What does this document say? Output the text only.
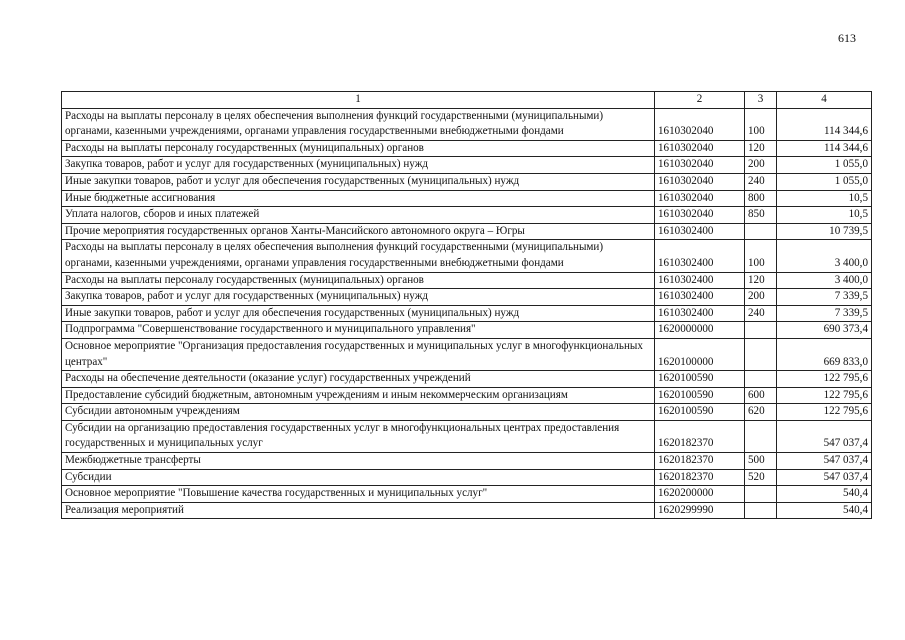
613
1	2	3	4
Расходы на выплаты персоналу в целях обеспечения выполнения функций государственными (муниципальными) органами, казенными учреждениями, органами управления государственными внебюджетными фондами	1610302040	100	114 344,6
Расходы на выплаты персоналу государственных (муниципальных) органов	1610302040	120	114 344,6
Закупка товаров, работ и услуг для государственных (муниципальных) нужд	1610302040	200	1 055,0
Иные закупки товаров, работ и услуг для обеспечения государственных (муниципальных) нужд	1610302040	240	1 055,0
Иные бюджетные ассигнования	1610302040	800	10,5
Уплата налогов, сборов и иных платежей	1610302040	850	10,5
Прочие мероприятия государственных органов Ханты-Мансийского автономного округа – Югры	1610302400		10 739,5
Расходы на выплаты персоналу в целях обеспечения выполнения функций государственными (муниципальными) органами, казенными учреждениями, органами управления государственными внебюджетными фондами	1610302400	100	3 400,0
Расходы на выплаты персоналу государственных (муниципальных) органов	1610302400	120	3 400,0
Закупка товаров, работ и услуг для государственных (муниципальных) нужд	1610302400	200	7 339,5
Иные закупки товаров, работ и услуг для обеспечения государственных (муниципальных) нужд	1610302400	240	7 339,5
Подпрограмма "Совершенствование государственного и муниципального управления"	1620000000		690 373,4
Основное мероприятие "Организация предоставления государственных и муниципальных услуг в многофункциональных центрах"	1620100000		669 833,0
Расходы на обеспечение деятельности (оказание услуг) государственных учреждений	1620100590		122 795,6
Предоставление субсидий бюджетным, автономным учреждениям и иным некоммерческим организациям	1620100590	600	122 795,6
Субсидии автономным учреждениям	1620100590	620	122 795,6
Субсидии на организацию предоставления государственных услуг в многофункциональных центрах предоставления государственных и муниципальных услуг	1620182370		547 037,4
Межбюджетные трансферты	1620182370	500	547 037,4
Субсидии	1620182370	520	547 037,4
Основное мероприятие "Повышение качества государственных и муниципальных услуг"	1620200000		540,4
Реализация мероприятий	1620299990		540,4
